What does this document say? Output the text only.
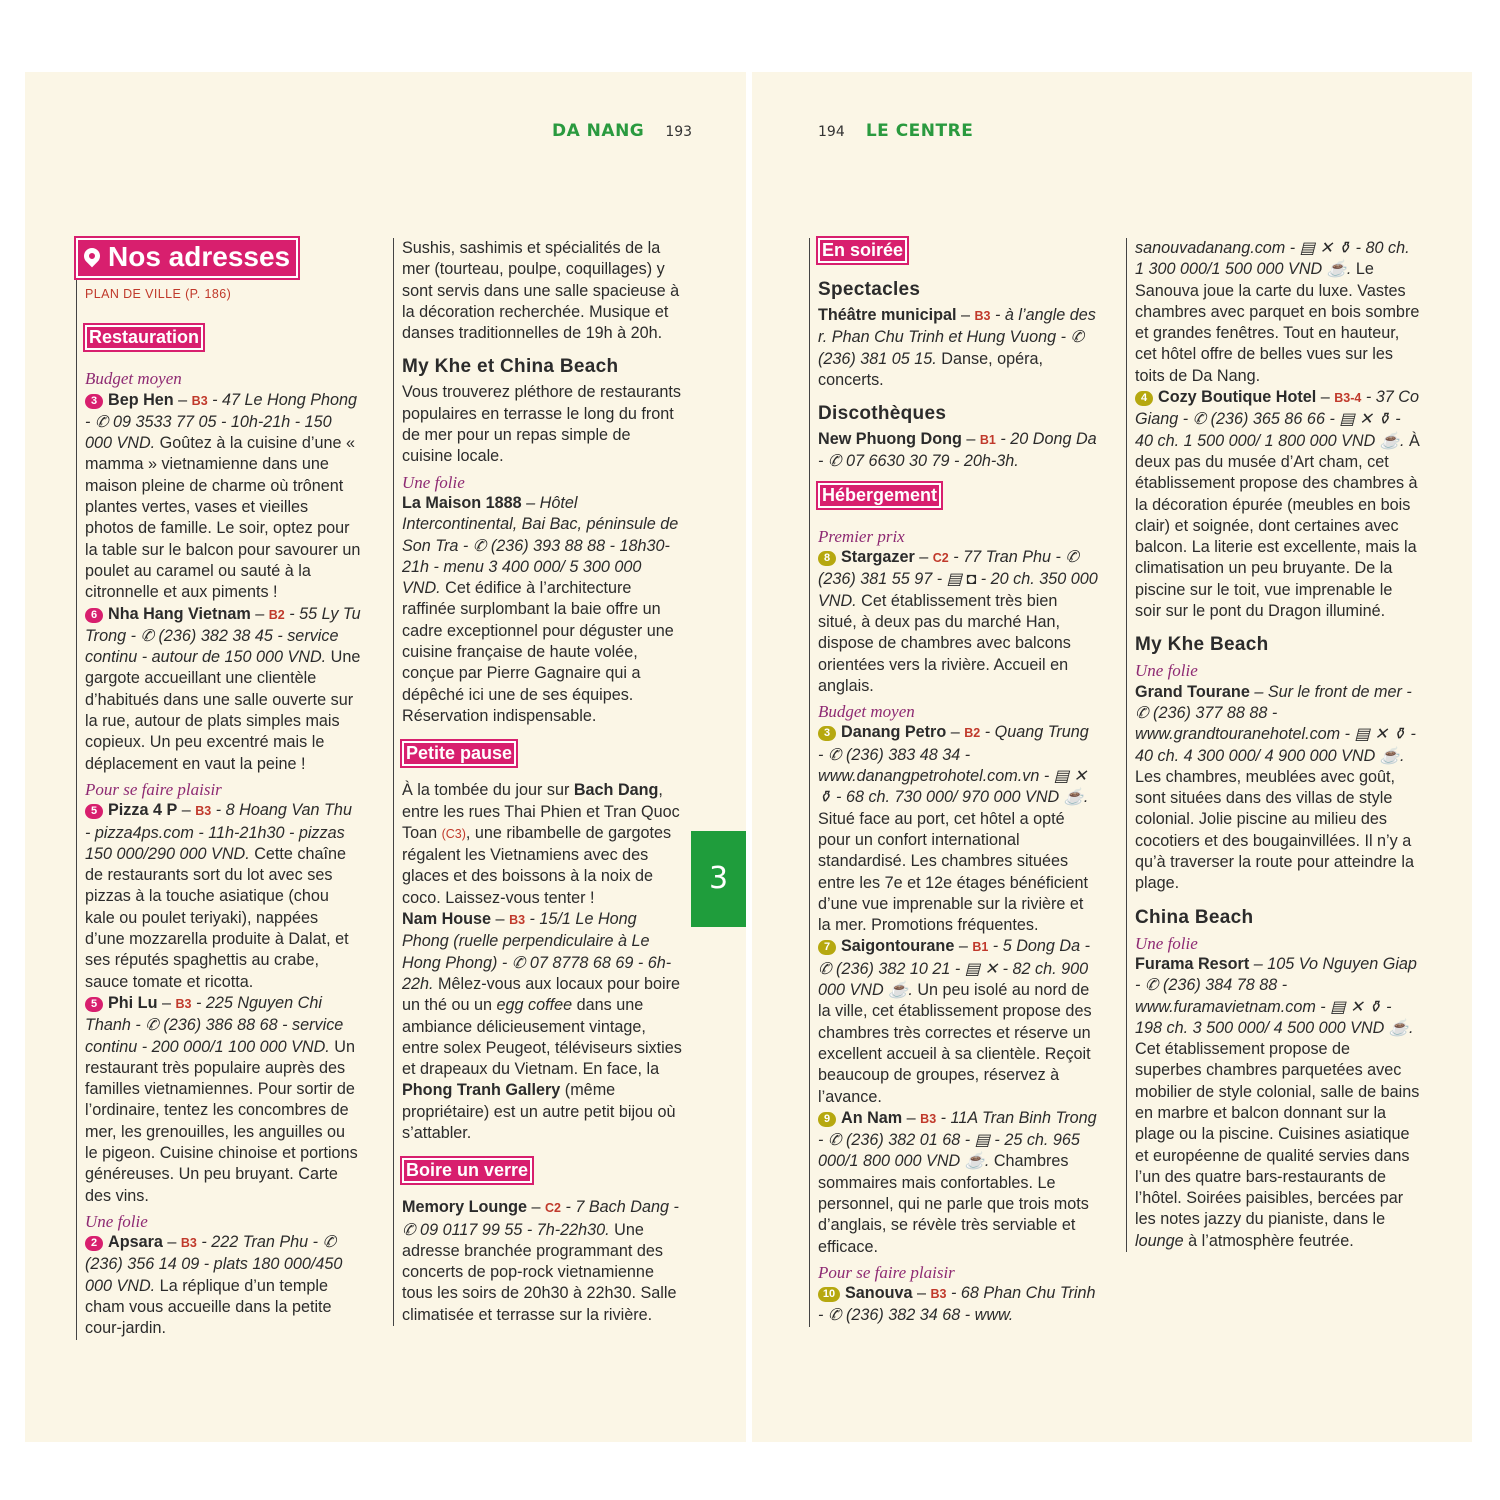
DA NANG 193	194 LE CENTRE
3
Nos adresses
PLAN DE VILLE (P. 186)
Restauration
Budget moyen

3 Bep Hen – B3 - 47 Le Hong Phong - ✆ 09 3533 77 05 - 10h-21h - 150 000 VND. Goûtez à la cuisine d’une « mamma » vietnamienne dans une maison pleine de charme où trônent plantes vertes, vases et vieilles photos de famille. Le soir, optez pour la table sur le balcon pour savourer un poulet au caramel ou sauté à la citronnelle et aux piments !

6 Nha Hang Vietnam – B2 - 55 Ly Tu Trong - ✆ (236) 382 38 45 - service continu - autour de 150 000 VND. Une gargote accueillant une clientèle d’habitués dans une salle ouverte sur la rue, autour de plats simples mais copieux. Un peu excentré mais le déplacement en vaut la peine !

Pour se faire plaisir

5 Pizza 4 P – B3 - 8 Hoang Van Thu - pizza4ps.com - 11h-21h30 - pizzas 150 000/290 000 VND. Cette chaîne de restaurants sort du lot avec ses pizzas à la touche asiatique (chou kale ou poulet teriyaki), nappées d’une mozzarella produite à Dalat, et ses réputés spaghettis au crabe, sauce tomate et ricotta.

5 Phi Lu – B3 - 225 Nguyen Chi Thanh - ✆ (236) 386 88 68 - service continu - 200 000/1 100 000 VND. Un restaurant très populaire auprès des familles vietnamiennes. Pour sortir de l’ordinaire, tentez les concombres de mer, les grenouilles, les anguilles ou le pigeon. Cuisine chinoise et portions généreuses. Un peu bruyant. Carte des vins.

Une folie

2 Apsara – B3 - 222 Tran Phu - ✆ (236) 356 14 09 - plats 180 000/450 000 VND. La réplique d’un temple cham vous accueille dans la petite cour-jardin.

Sushis, sashimis et spécialités de la mer (tourteau, poulpe, coquillages) y sont servis dans une salle spacieuse à la décoration recherchée. Musique et danses traditionnelles de 19h à 20h.

My Khe et China Beach

Vous trouverez pléthore de restaurants populaires en terrasse le long du front de mer pour un repas simple de cuisine locale.

Une folie

La Maison 1888 – Hôtel Intercontinental, Bai Bac, péninsule de Son Tra - ✆ (236) 393 88 88 - 18h30-21h - menu 3 400 000/ 5 300 000 VND. Cet édifice à l’architecture raffinée surplombant la baie offre un cadre exceptionnel pour déguster une cuisine française de haute volée, conçue par Pierre Gagnaire qui a dépêché ici une de ses équipes. Réservation indispensable.

Petite pause

À la tombée du jour sur Bach Dang, entre les rues Thai Phien et Tran Quoc Toan (C3), une ribambelle de gargotes régalent les Vietnamiens avec des glaces et des boissons à la noix de coco. Laissez-vous tenter !

Nam House – B3 - 15/1 Le Hong Phong (ruelle perpendiculaire à Le Hong Phong) - ✆ 07 8778 68 69 - 6h-22h. Mêlez-vous aux locaux pour boire un thé ou un egg coffee dans une ambiance délicieusement vintage, entre solex Peugeot, téléviseurs sixties et drapeaux du Vietnam. En face, la Phong Tranh Gallery (même propriétaire) est un autre petit bijou où s’attabler.

Boire un verre

Memory Lounge – C2 - 7 Bach Dang - ✆ 09 0117 99 55 - 7h-22h30. Une adresse branchée programmant des concerts de pop-rock vietnamienne tous les soirs de 20h30 à 22h30. Salle climatisée et terrasse sur la rivière.

En soirée
Spectacles

Théâtre municipal – B3 - à l’angle des r. Phan Chu Trinh et Hung Vuong - ✆ (236) 381 05 15. Danse, opéra, concerts.

Discothèques

New Phuong Dong – B1 - 20 Dong Da - ✆ 07 6630 30 79 - 20h-3h.

Hébergement
Premier prix

8 Stargazer – C2 - 77 Tran Phu - ✆ (236) 381 55 97 - ▤ ◘ - 20 ch. 350 000 VND. Cet établissement très bien situé, à deux pas du marché Han, dispose de chambres avec balcons orientées vers la rivière. Accueil en anglais.

Budget moyen

3 Danang Petro – B2 - Quang Trung - ✆ (236) 383 48 34 - www.danangpetrohotel.com.vn - ▤ ✕ ⚱ - 68 ch. 730 000/ 970 000 VND ☕. Situé face au port, cet hôtel a opté pour un confort international standardisé. Les chambres situées entre les 7e et 12e étages bénéficient d’une vue imprenable sur la rivière et la mer. Promotions fréquentes.

7 Saigontourane – B1 - 5 Dong Da - ✆ (236) 382 10 21 - ▤ ✕ - 82 ch. 900 000 VND ☕. Un peu isolé au nord de la ville, cet établissement propose des chambres très correctes et réserve un excellent accueil à sa clientèle. Reçoit beaucoup de groupes, réservez à l’avance.

9 An Nam – B3 - 11A Tran Binh Trong - ✆ (236) 382 01 68 - ▤ - 25 ch. 965 000/1 800 000 VND ☕. Chambres sommaires mais confortables. Le personnel, qui ne parle que trois mots d’anglais, se révèle très serviable et efficace.

Pour se faire plaisir

10 Sanouva – B3 - 68 Phan Chu Trinh - ✆ (236) 382 34 68 - www.

sanouvadanang.com - ▤ ✕ ⚱ - 80 ch. 1 300 000/1 500 000 VND ☕. Le Sanouva joue la carte du luxe. Vastes chambres avec parquet en bois sombre et grandes fenêtres. Tout en hauteur, cet hôtel offre de belles vues sur les toits de Da Nang.

4 Cozy Boutique Hotel – B3-4 - 37 Co Giang - ✆ (236) 365 86 66 - ▤ ✕ ⚱ - 40 ch. 1 500 000/ 1 800 000 VND ☕. À deux pas du musée d’Art cham, cet établissement propose des chambres à la décoration épurée (meubles en bois clair) et soignée, dont certaines avec balcon. La literie est excellente, mais la climatisation un peu bruyante. De la piscine sur le toit, vue imprenable le soir sur le pont du Dragon illuminé.

My Khe Beach
Une folie

Grand Tourane – Sur le front de mer - ✆ (236) 377 88 88 - www.grandtouranehotel.com - ▤ ✕ ⚱ - 40 ch. 4 300 000/ 4 900 000 VND ☕. Les chambres, meublées avec goût, sont situées dans des villas de style colonial. Jolie piscine au milieu des cocotiers et des bougainvillées. Il n’y a qu’à traverser la route pour atteindre la plage.

China Beach
Une folie

Furama Resort – 105 Vo Nguyen Giap - ✆ (236) 384 78 88 - www.furamavietnam.com - ▤ ✕ ⚱ - 198 ch. 3 500 000/ 4 500 000 VND ☕. Cet établissement propose de superbes chambres parquetées avec mobilier de style colonial, salle de bains en marbre et balcon donnant sur la plage ou la piscine. Cuisines asiatique et européenne de qualité servies dans l’un des quatre bars-restaurants de l’hôtel. Soirées paisibles, bercées par les notes jazzy du pianiste, dans le lounge à l’atmosphère feutrée.
